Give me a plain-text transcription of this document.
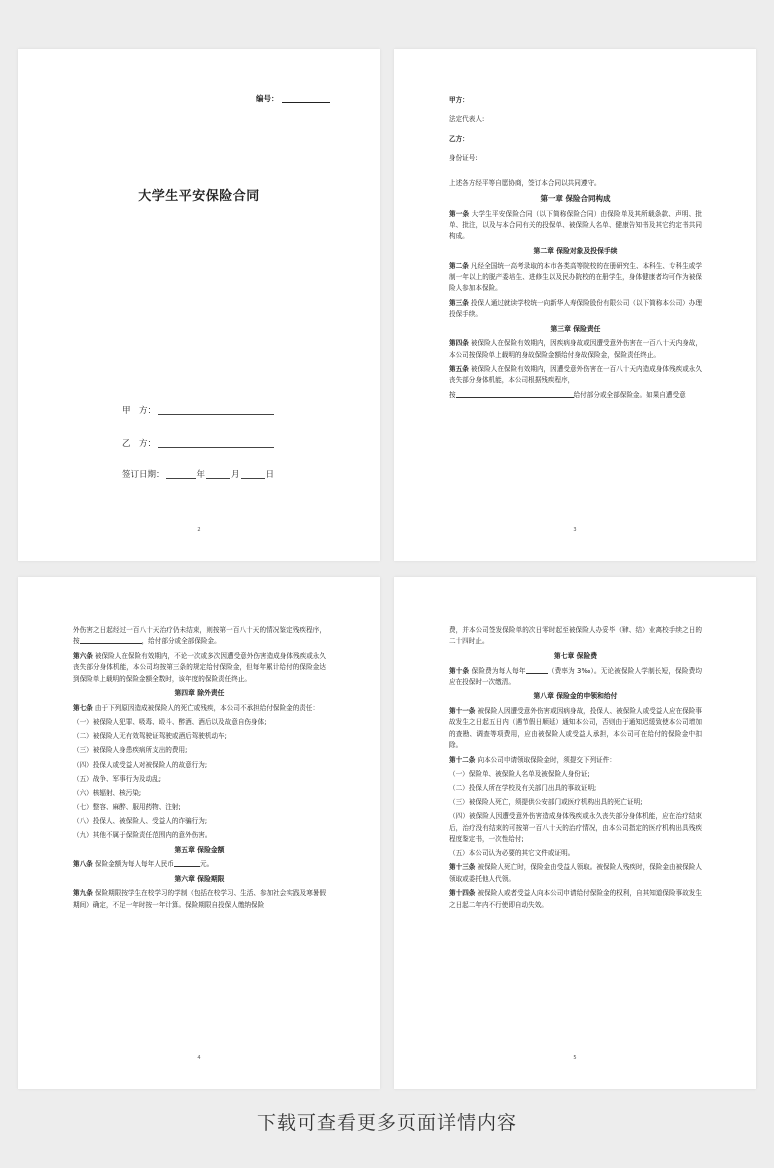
编号：
大学生平安保险合同
甲　方：
乙　方：
签订日期：	年	月	日
2

甲方：

法定代表人:

乙方：

身份证号:

上述各方经平等自愿协商，签订本合同以共同遵守。

第一章 保险合同构成

第一条 大学生平安保险合同（以下简称保险合同）由保险单及其所载条款、声明、批单、批注，以及与本合同有关的投保单、被保险人名单、健康告知书及其它约定书共同构成。

第二章 保险对象及投保手续

第二条 凡经全国统一高考录取的本市各类高等院校的在册研究生、本科生、专科生或学制一年以上的脱产委培生、进修生以及民办院校的在册学生，身体健康者均可作为被保险人参加本保险。

第三条 投保人通过就读学校统一向新华人寿保险股份有限公司（以下简称本公司）办理投保手续。

第三章 保险责任

第四条 被保险人在保险有效期内，因疾病身故或因遭受意外伤害在一百八十天内身故，本公司按保险单上载明的身故保险金额给付身故保险金，保险责任终止。

第五条 被保险人在保险有效期内，因遭受意外伤害在一百八十天内造成身体残疾或永久丧失部分身体机能，本公司根据残疾程序，

按	给付部分或全部保险金。如果自遭受意

3

外伤害之日起经过一百八十天治疗仍未结束，则按第一百八十天的情况鉴定残疾程序，按	，给付部分或全部保险金。

第六条 被保险人在保险有效期内，不论一次或多次因遭受意外伤害造成身体残疾或永久丧失部分身体机能，本公司均按第三条的规定给付保险金，但每年累计给付的保险金达到保险单上载明的保险金额全数时，该年度的保险责任终止。

第四章 除外责任

第七条 由于下列原因造成被保险人的死亡或残疾，本公司不承担给付保险金的责任：

（一）被保险人犯罪、吸毒、殴斗、醉酒、酒后以及故意自伤身体;

（二）被保险人无有效驾驶证驾驶或酒后驾驶机动车;

（三）被保险人身患疾病所支出的费用;

（四）投保人或受益人对被保险人的故意行为;

（五）战争、军事行为及动乱;

（六）核辐射、核污染;

（七）整容、麻醉、服用药物、注射;

（八）投保人、被保险人、受益人的诈骗行为;

（九）其他不属于保险责任范围内的意外伤害。

第五章 保险金额

第八条 保险金额为每人每年人民币	元。

第六章 保险期限

第九条 保险期限按学生在校学习的学制（包括在校学习、生活、参加社会实践及寒暑假期间）确定，不足一年时按一年计算。保险期限自投保人缴纳保险

4

费，并本公司签发保险单的次日零时起至被保险人办妥毕（肄、结）业离校手续之日的二十四时止。

第七章 保险费

第十条 保险费为每人每年	（费率为 3‰）。无论被保险人学制长短，保险费均应在投保时一次缴清。

第八章 保险金的申领和给付

第十一条 被保险人因遭受意外伤害或因病身故，投保人、被保险人或受益人应在保险事故发生之日起五日内（遇节假日顺延）通知本公司，否则由于通知迟缓致使本公司增加的查勘、调查等项费用，应由被保险人或受益人承担，本公司可在给付的保险金中扣除。

第十二条 向本公司申请领取保险金时，须提交下列证件：

（一）保险单、被保险人名单及被保险人身份证;

（二）投保人所在学校及有关部门出具的事故证明;

（三）被保险人死亡，须提供公安部门或医疗机构出具的死亡证明;

（四）被保险人因遭受意外伤害造成身体残疾或永久丧失部分身体机能，应在治疗结束后，治疗没有结束的可按第一百八十天的治疗情况，由本公司指定的医疗机构出具残疾程度鉴定书，一次性给付;

（五）本公司认为必要的其它文件或证明。

第十三条 被保险人死亡时，保险金由受益人领取。被保险人残疾时，保险金由被保险人领取或委托他人代领。

第十四条 被保险人或者受益人向本公司申请给付保险金的权利，自其知道保险事故发生之日起二年内不行使即自动失效。

5
下载可查看更多页面详情内容
